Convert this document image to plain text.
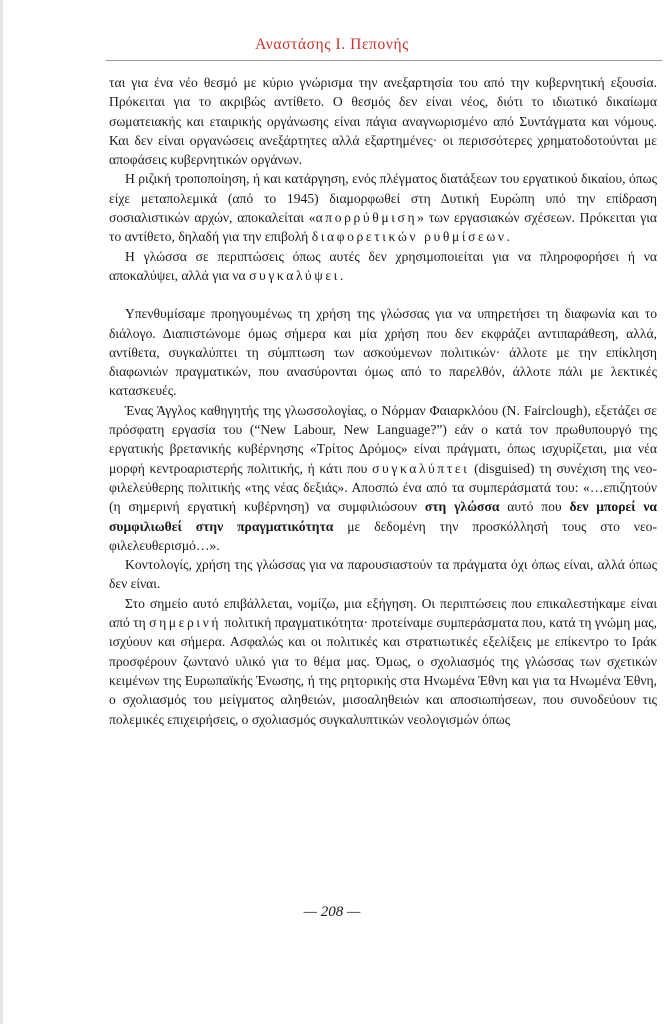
Αναστάσης Ι. Πεπονής

ται για ένα νέο θεσμό με κύριο γνώρισμα την ανεξαρτησία του από την κυβερνητική εξουσία. Πρόκειται για το ακριβώς αντίθετο. Ο θεσμός δεν είναι νέος, διότι το ιδιωτικό δικαίωμα σωματειακής και εταιρικής οργάνωσης είναι πάγια αναγνωρισμένο από Συντάγματα και νόμους. Και δεν είναι οργανώσεις ανεξάρτητες αλλά εξαρτημένες· οι περισσότερες χρηματοδοτούνται με αποφάσεις κυβερνητικών οργάνων.

Η ριζική τροποποίηση, ή και κατάργηση, ενός πλέγματος διατάξεων του εργατικού δικαίου, όπως είχε μεταπολεμικά (από το 1945) διαμορφωθεί στη Δυτική Ευρώπη υπό την επίδραση σοσιαλιστικών αρχών, αποκαλείται «απορρύθμιση» των εργασιακών σχέσεων. Πρόκειται για το αντίθετο, δηλαδή για την επιβολή διαφορετικών ρυθμίσεων.

Η γλώσσα σε περιπτώσεις όπως αυτές δεν χρησιμοποιείται για να πληροφορήσει ή να αποκαλύψει, αλλά για να συγκαλύψει.

Υπενθυμίσαμε προηγουμένως τη χρήση της γλώσσας για να υπηρετήσει τη διαφωνία και το διάλογο. Διαπιστώνομε όμως σήμερα και μία χρήση που δεν εκφράζει αντιπαράθεση, αλλά, αντίθετα, συγκαλύπτει τη σύμπτωση των ασκούμενων πολιτικών· άλλοτε με την επίκληση διαφωνιών πραγματικών, που ανασύρονται όμως από το παρελθόν, άλλοτε πάλι με λεκτικές κατασκευές.

Ένας Άγγλος καθηγητής της γλωσσολογίας, ο Νόρμαν Φαιαρκλόου (N. Fairclough), εξετάζει σε πρόσφατη εργασία του (“New Labour, New Language?”) εάν ο κατά τον πρωθυπουργό της εργατικής βρετανικής κυβέρνησης «Τρίτος Δρόμος» είναι πράγματι, όπως ισχυρίζεται, μια νέα μορφή κεντροαριστερής πολιτικής, ή κάτι που συγκαλύπτει (disguised) τη συνέχιση της νεο-φιλελεύθερης πολιτικής «της νέας δεξιάς». Αποσπώ ένα από τα συμπεράσματά του: «…επιζητούν (η σημερινή εργατική κυβέρνηση) να συμφιλιώσουν στη γλώσσα αυτό που δεν μπορεί να συμφιλιωθεί στην πραγματικότητα με δεδομένη την προσκόλλησή τους στο νεο-φιλελευθερισμό…».

Κοντολογίς, χρήση της γλώσσας για να παρουσιαστούν τα πράγματα όχι όπως είναι, αλλά όπως δεν είναι.

Στο σημείο αυτό επιβάλλεται, νομίζω, μια εξήγηση. Οι περιπτώσεις που επικαλεστήκαμε είναι από τη σημερινή πολιτική πραγματικότητα· προτείναμε συμπεράσματα που, κατά τη γνώμη μας, ισχύουν και σήμερα. Ασφαλώς και οι πολιτικές και στρατιωτικές εξελίξεις με επίκεντρο το Ιράκ προσφέρουν ζωντανό υλικό για το θέμα μας. Όμως, ο σχολιασμός της γλώσσας των σχετικών κειμένων της Ευρωπαϊκής Ένωσης, ή της ρητορικής στα Ηνωμένα Έθνη και για τα Ηνωμένα Έθνη, ο σχολιασμός του μείγματος αληθειών, μισοαληθειών και αποσιωπήσεων, που συνοδεύουν τις πολεμικές επιχειρήσεις, ο σχολιασμός συγκαλυπτικών νεολογισμών όπως

— 208 —
